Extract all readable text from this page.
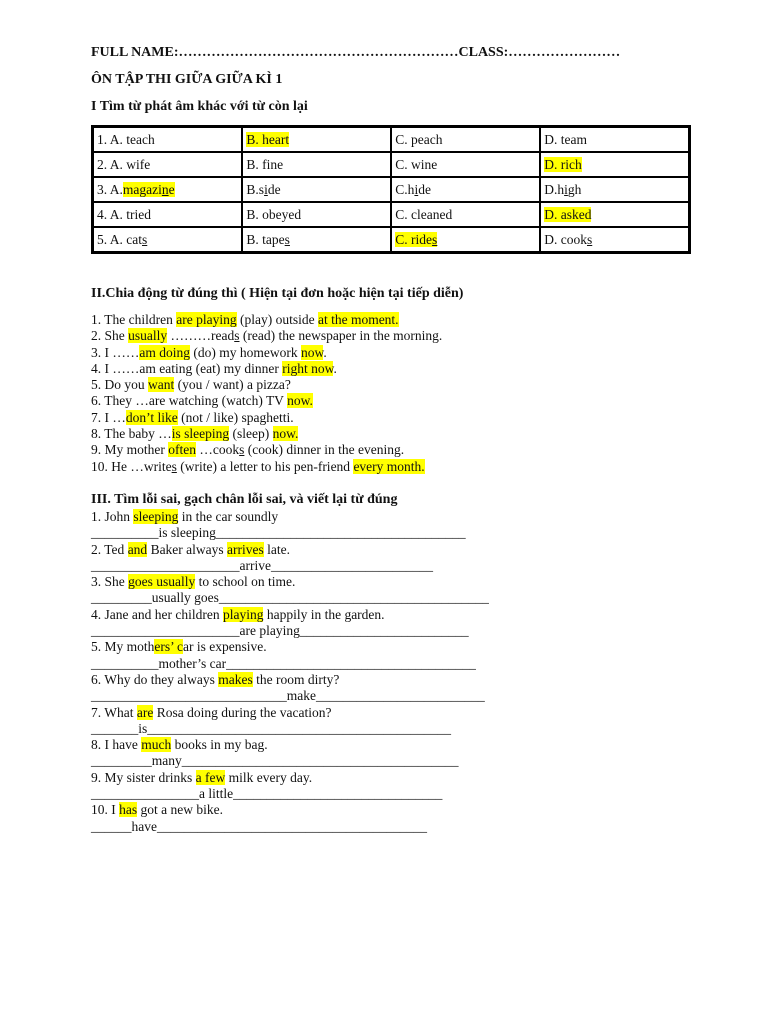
FULL NAME:……………………………………………………CLASS:……………………
ÔN TẬP THI GIỮA GIỮA KÌ 1
I Tìm từ phát âm khác với từ còn lại
1. A. teach	B. heart	C. peach	D. team
2. A. wife	B. fine	C. wine	D. rich
3. A.magazine	B.side	C.hide	D.high
4. A. tried	B. obeyed	C. cleaned	D. asked
5. A. cats	B. tapes	C. rides	D. cooks
II.Chia động từ đúng thì ( Hiện tại đơn hoặc hiện tại tiếp diễn)
1. The children are playing (play) outside at the moment.
2. She usually ………reads (read) the newspaper in the morning.
3. I ……am doing (do) my homework now.
4. I ……am eating (eat) my dinner right now.
5. Do you want (you / want) a pizza?
6. They …are watching (watch) TV now.
7. I …don’t like (not / like) spaghetti.
8. The baby …is sleeping (sleep) now.
9. My mother often …cooks (cook) dinner in the evening.
10. He …writes (write) a letter to his pen-friend every month.
III. Tìm lỗi sai, gạch chân lỗi sai, và viết lại từ đúng
1. John sleeping in the car soundly
__________is sleeping_____________________________________
2. Ted and Baker always arrives late.
______________________arrive________________________
3. She goes usually to school on time.
_________usually goes________________________________________
4. Jane and her children playing happily in the garden.
______________________are playing_________________________
5. My mothers’ car is expensive.
__________mother’s car_____________________________________
6. Why do they always makes the room dirty?
_____________________________make_________________________
7. What are Rosa doing during the vacation?
_______is_____________________________________________
8. I have much books in my bag.
_________many_________________________________________
9. My sister drinks a few milk every day.
________________a little_______________________________
10. I has got a new bike.
______have________________________________________
